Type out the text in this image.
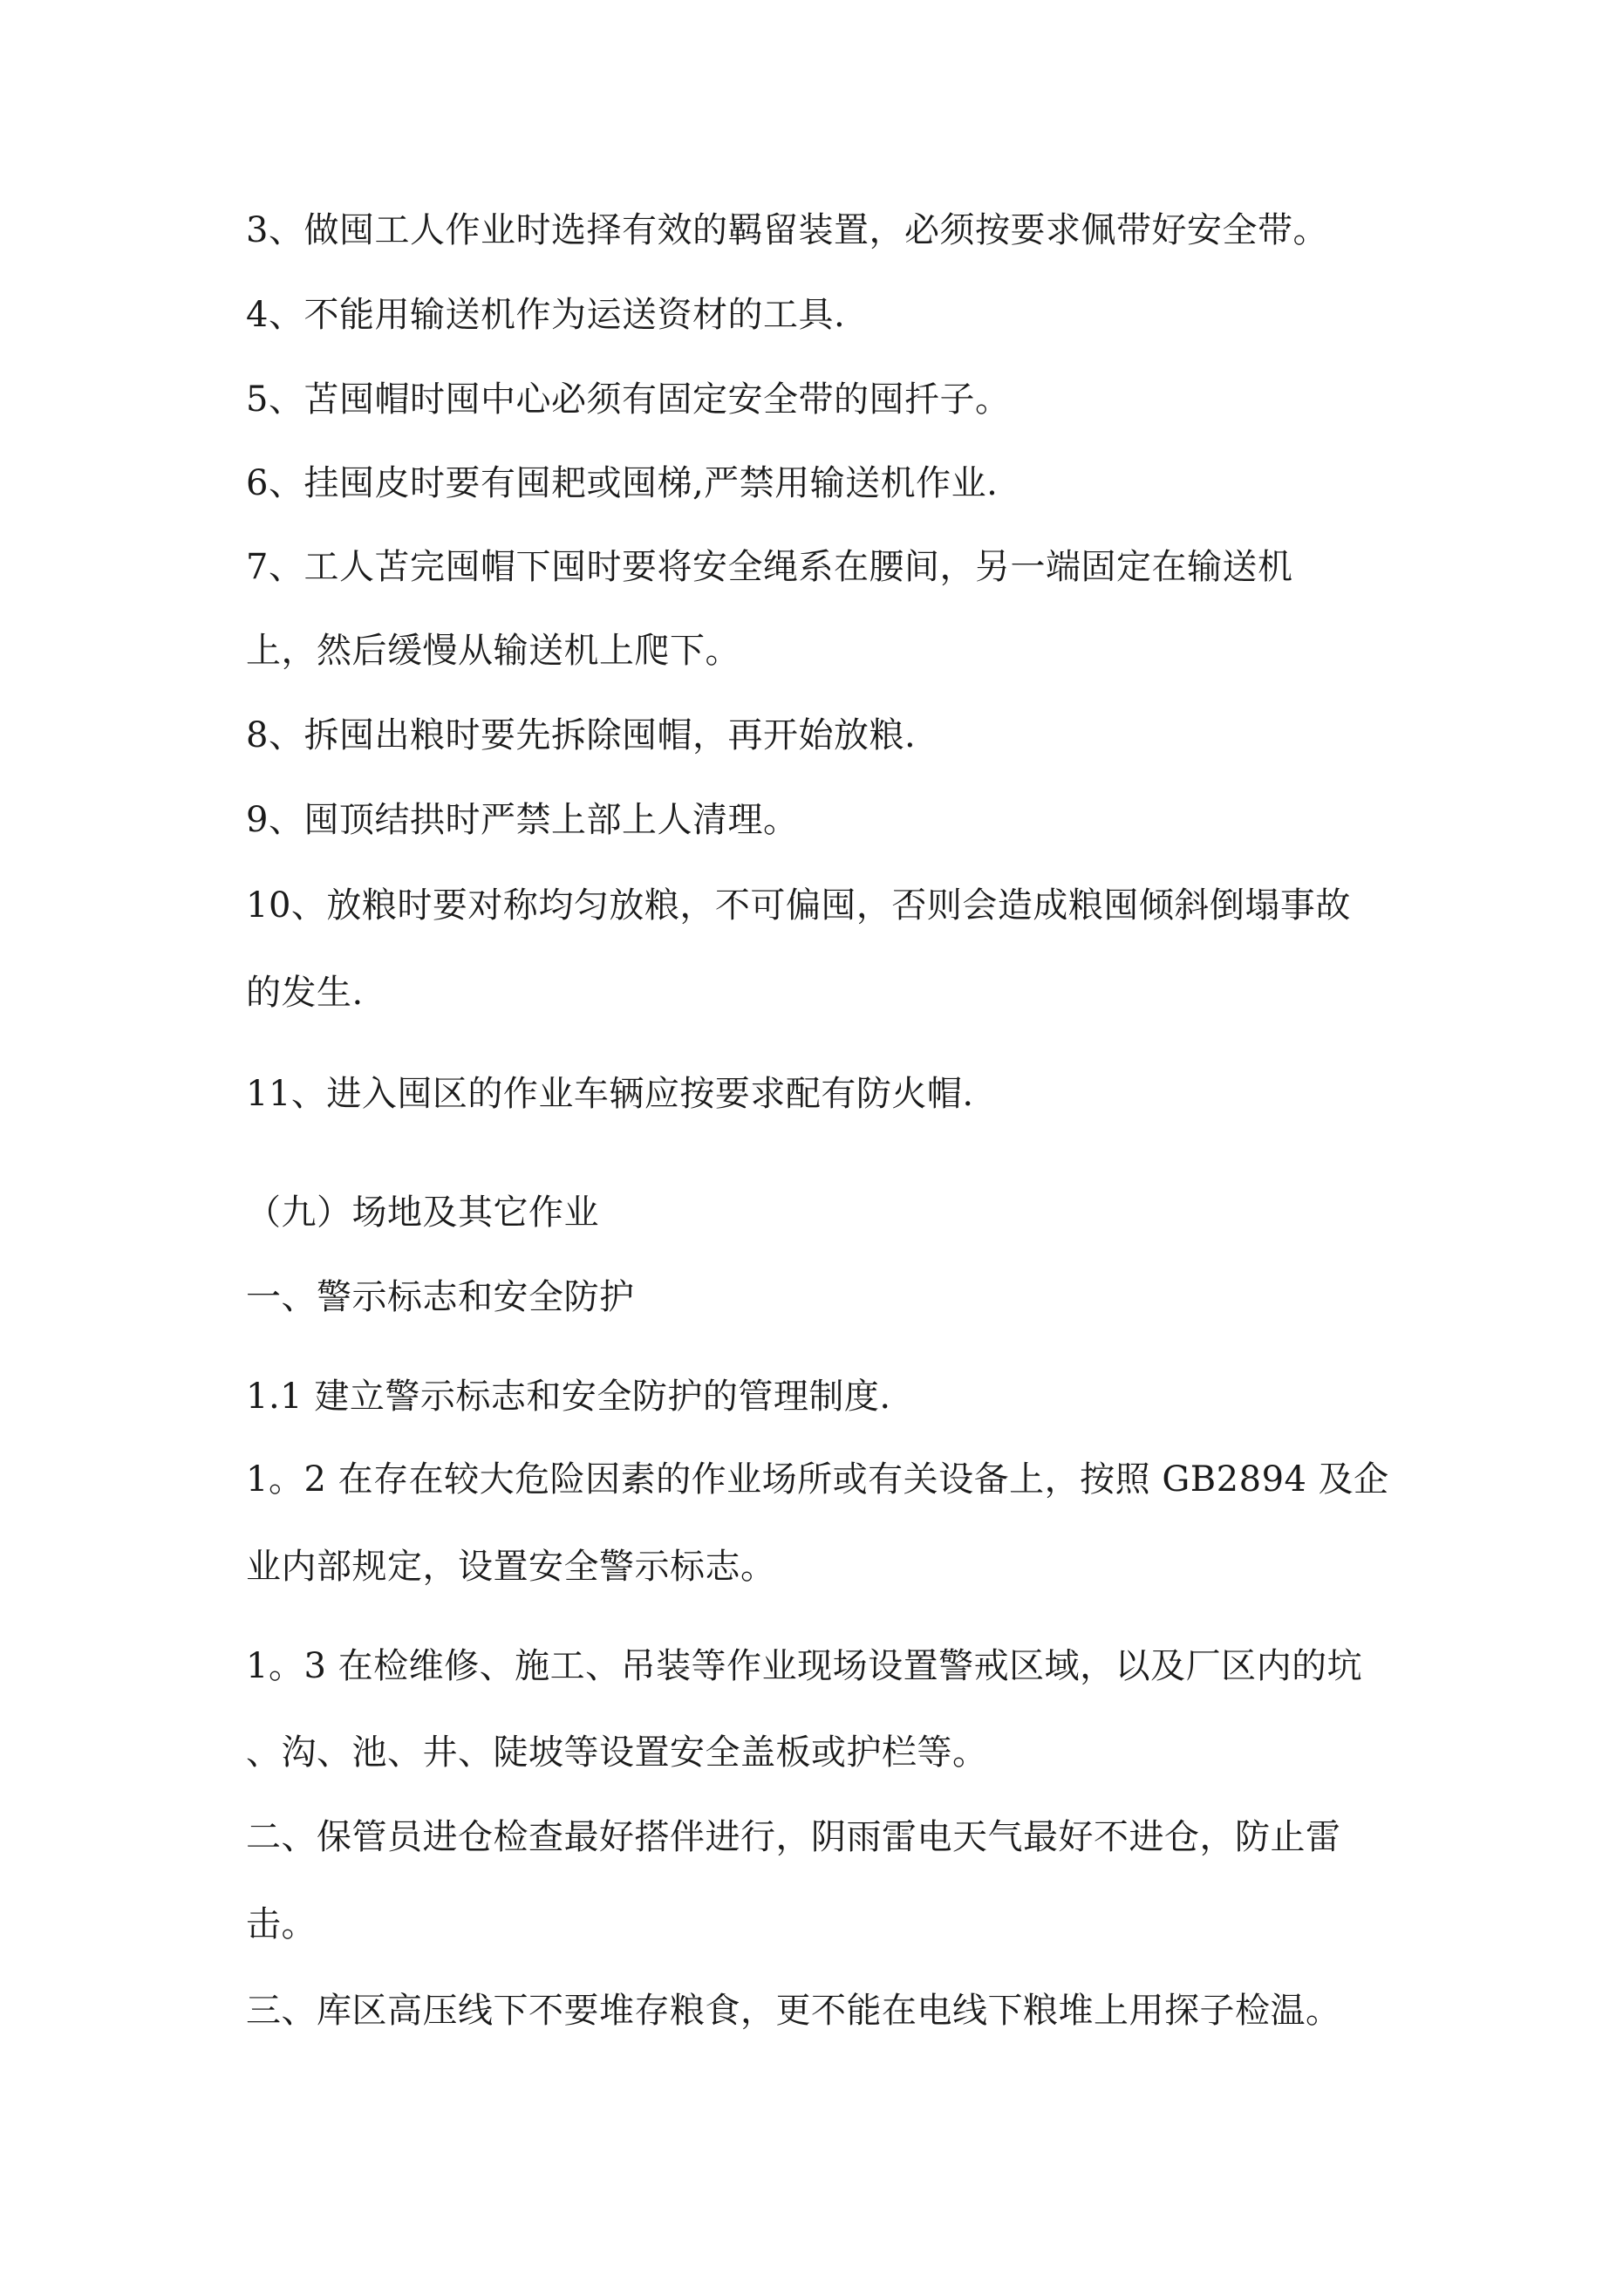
3、做囤工人作业时选择有效的羁留装置，必须按要求佩带好安全带。

4、不能用输送机作为运送资材的工具.

5、苫囤帽时囤中心必须有固定安全带的囤扦子。

6、挂囤皮时要有囤耙或囤梯,严禁用输送机作业.

7、工人苫完囤帽下囤时要将安全绳系在腰间，另一端固定在输送机

上，然后缓慢从输送机上爬下。

8、拆囤出粮时要先拆除囤帽，再开始放粮.

9、囤顶结拱时严禁上部上人清理。

10、放粮时要对称均匀放粮，不可偏囤，否则会造成粮囤倾斜倒塌事故

的发生.

11、进入囤区的作业车辆应按要求配有防火帽.

（九）场地及其它作业

一、警示标志和安全防护

1.1 建立警示标志和安全防护的管理制度.

1。2 在存在较大危险因素的作业场所或有关设备上，按照 GB2894 及企

业内部规定，设置安全警示标志。

1。3 在检维修、施工、吊装等作业现场设置警戒区域，以及厂区内的坑

、沟、池、井、陡坡等设置安全盖板或护栏等。

二、保管员进仓检查最好搭伴进行，阴雨雷电天气最好不进仓，防止雷

击。

三、库区高压线下不要堆存粮食，更不能在电线下粮堆上用探子检温。
